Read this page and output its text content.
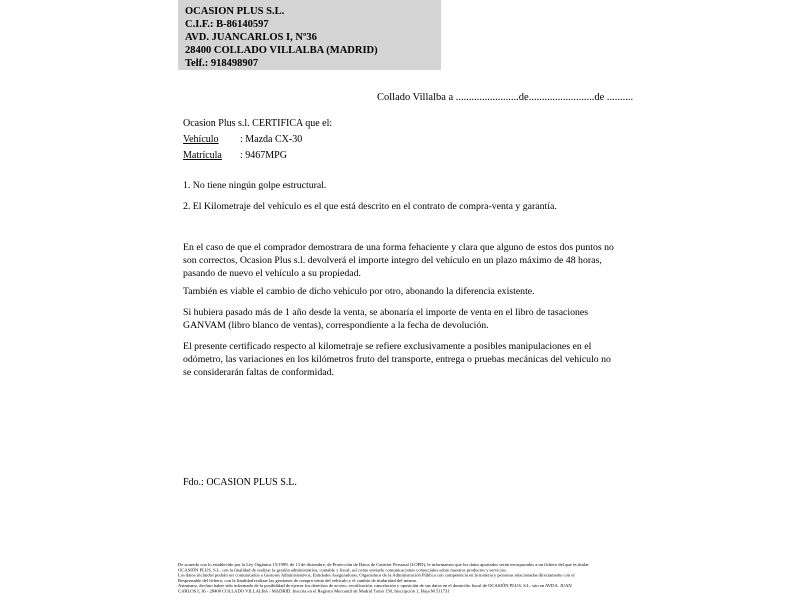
OCASION PLUS S.L.
C.I.F.: B-86140597
AVD. JUANCARLOS I, Nº36
28400 COLLADO VILLALBA (MADRID)
Telf.: 918498907
Collado Villalba a ........................de.........................de ..........
Ocasion Plus s.l. CERTIFICA que el:
Vehículo : Mazda CX-30
Matrícula : 9467MPG
1. No tiene ningún golpe estructural.
2. El Kilometraje del vehículo es el que está descrito en el contrato de compra-venta y garantía.
En el caso de que el comprador demostrara de una forma fehaciente y clara que alguno de estos dos puntos no son correctos, Ocasion Plus s.l. devolverá el importe integro del vehículo en un plazo máximo de 48 horas, pasando de nuevo el vehículo a su propiedad.
También es viable el cambio de dicho vehiculo por otro, abonando la diferencia existente.
Si hubiera pasado más de 1 año desde la venta, se abonaría el importe de venta en el libro de tasaciones GANVAM (libro blanco de ventas), correspondiente a la fecha de devolución.
El presente certificado respecto al kilometraje se refiere exclusivamente a posibles manipulaciones en el odómetro, las variaciones en los kilómetros fruto del transporte, entrega o pruebas mecánicas del vehiculo no se considerarán faltas de conformidad.
Fdo.: OCASION PLUS S.L.
De acuerdo con lo establecido por la Ley Orgánica 15/1999, de 13 de diciembre, de Protección de Datos de Carácter Personal (LOPD), le informamos que los datos aportados serán incorporados a un fichero del que es titular
OCASIÓN PLUS, S.L. con la finalidad de realizar la gestión administrativa, contable y fiscal, así como enviarle comunicaciones comerciales sobre nuestros productos y servicios.
Los datos incluidos podrán ser comunicados a Gestores Administrativos, Entidades Aseguradoras, Organismos de la Administración Pública con competencia en la materia y personas relacionadas directamente con el
Responsable del fichero, con la finalidad realizar las gestiones de compra venta del vehículo y el cambio de titularidad del mismo.
Asimismo, declaro haber sido informado de la posibilidad de ejercer los derechos de acceso, rectificación, cancelación y oposición de sus datos en el domicilio fiscal de OCASIÓN PLUS, S.L. sito en AVDA. JUAN
CARLOS I, 36 - 28400 COLLADO VILLALBA - MADRID. Inscrita en el Registro Mercantil de Madrid Tomo 150, Inscripción 1, Hoja M 511731
